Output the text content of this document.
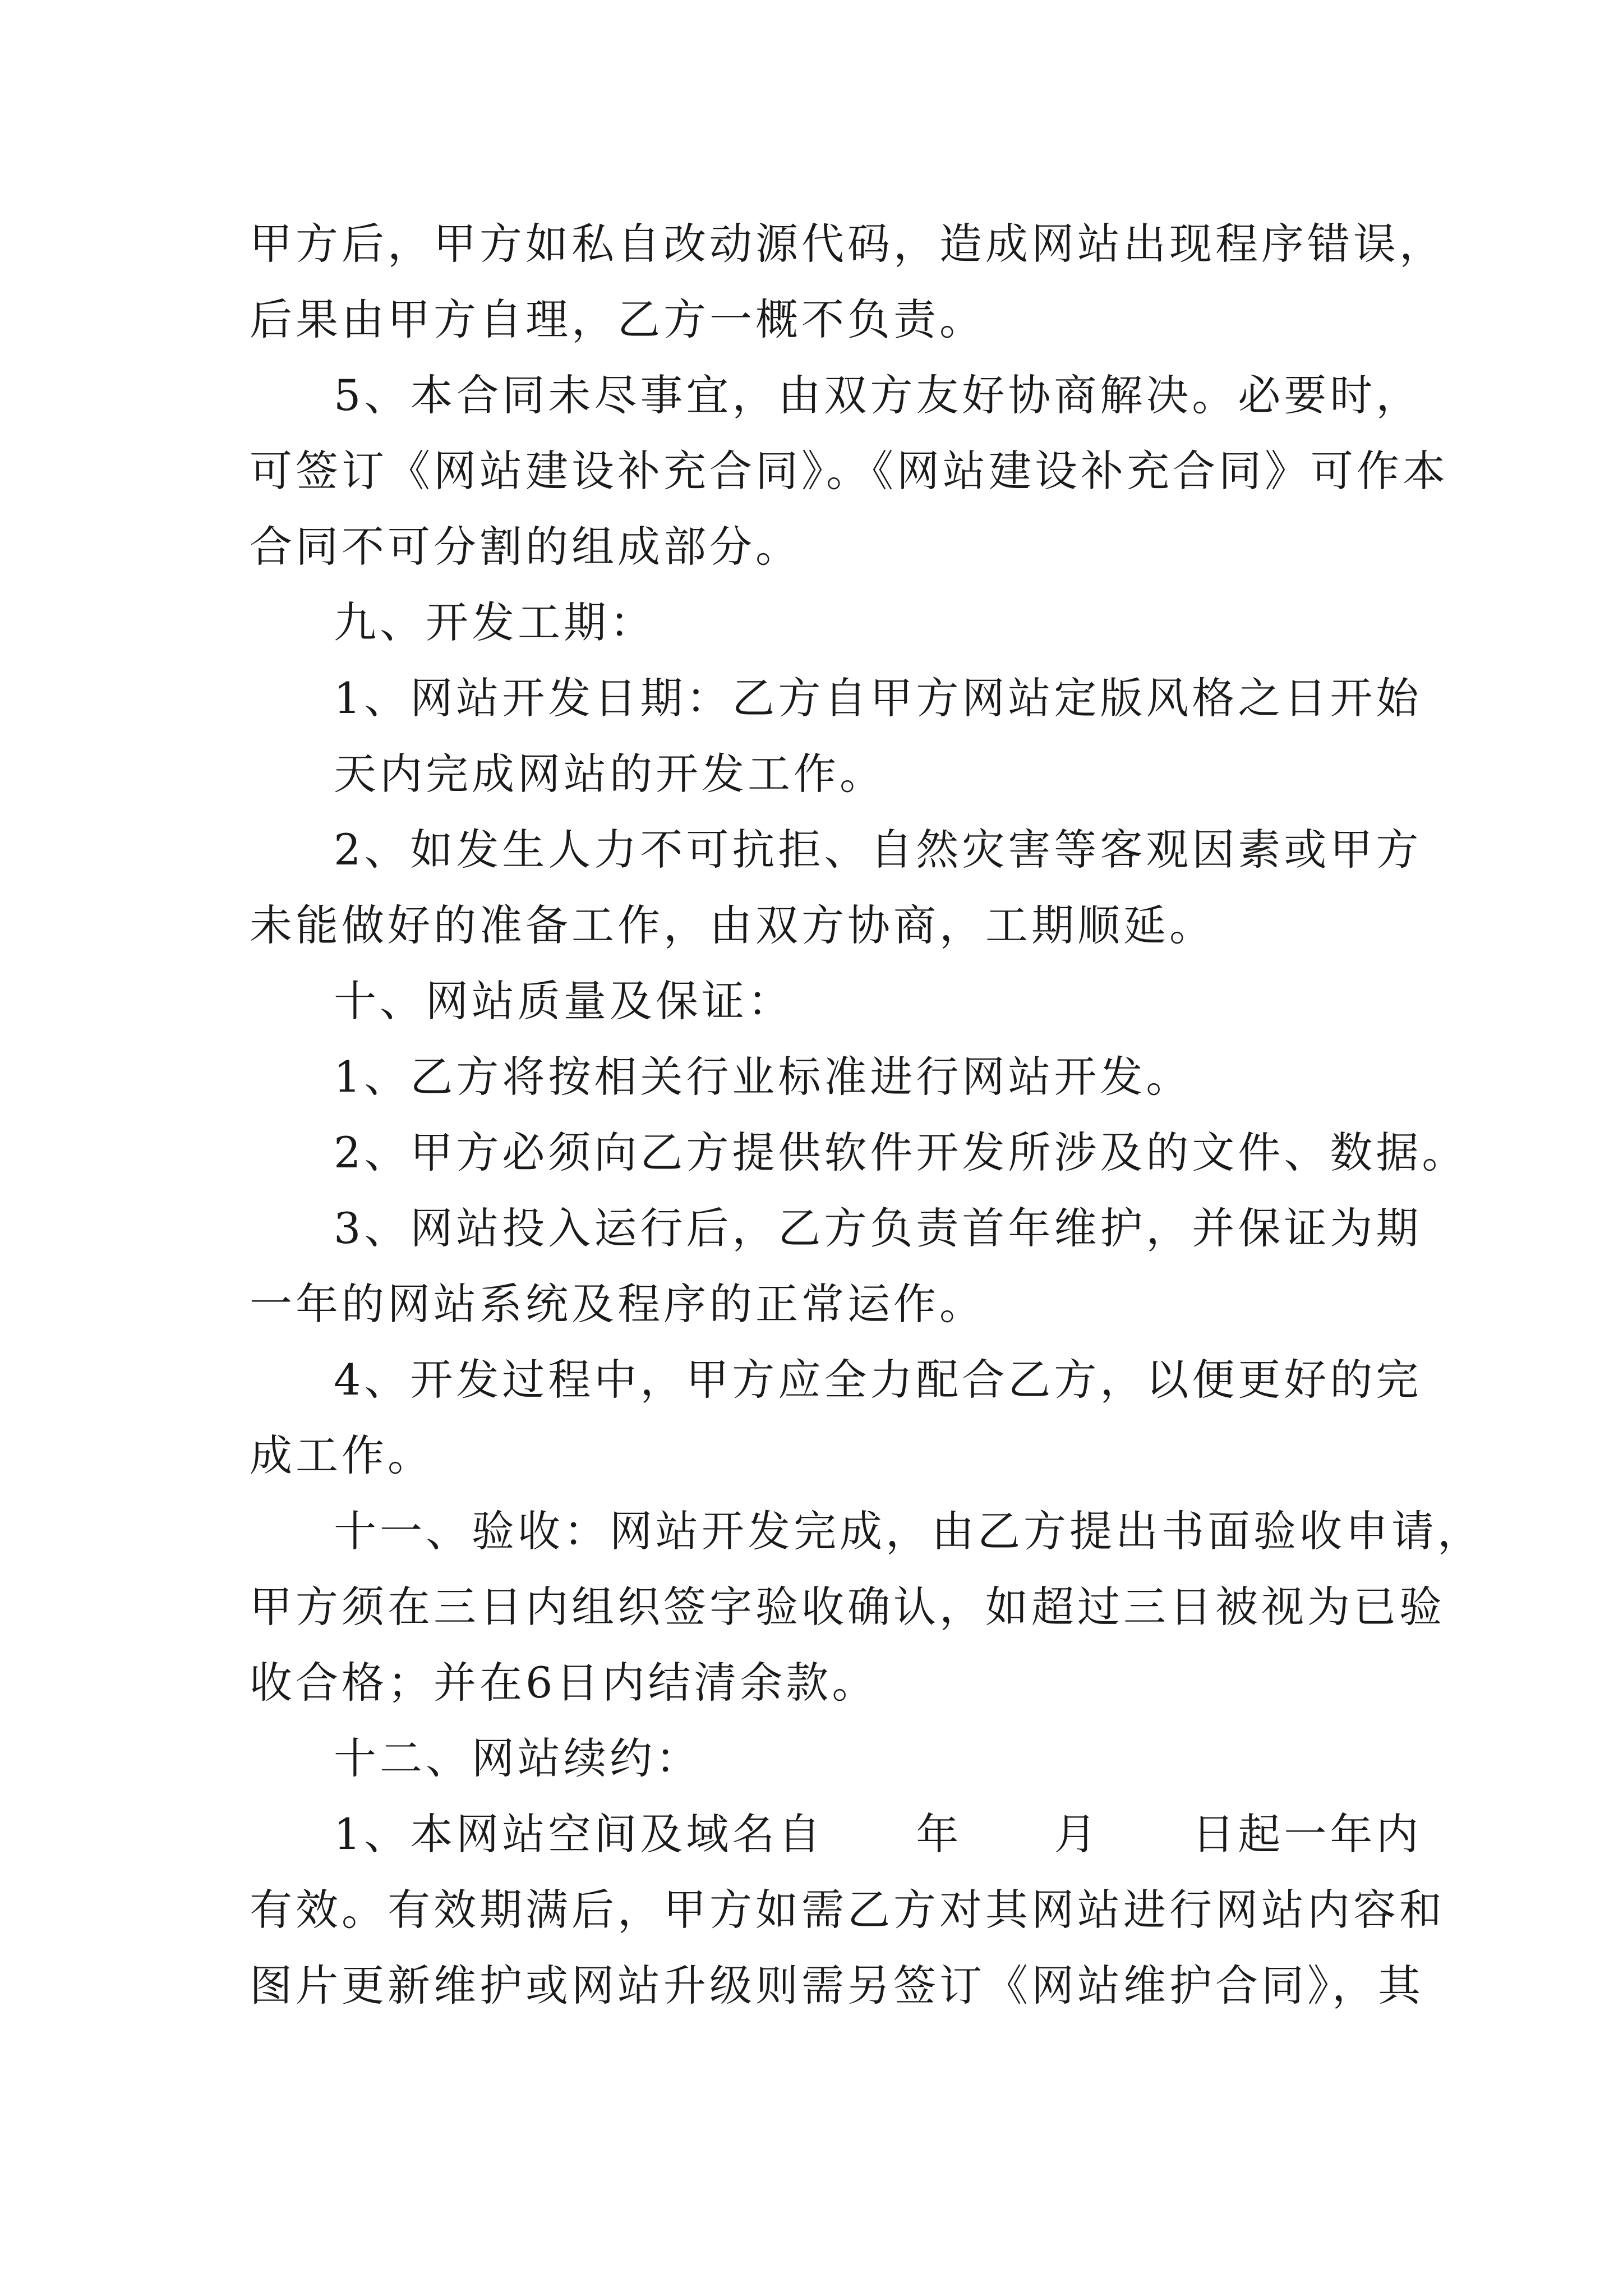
甲方后，甲方如私自改动源代码，造成网站出现程序错误，
后果由甲方自理，乙方一概不负责。
5、本合同未尽事宜，由双方友好协商解决。必要时，
可签订《网站建设补充合同》。《网站建设补充合同》可作本
合同不可分割的组成部分。
九、开发工期：
1、网站开发日期：乙方自甲方网站定版风格之日开始
天内完成网站的开发工作。
2、如发生人力不可抗拒、自然灾害等客观因素或甲方
未能做好的准备工作，由双方协商，工期顺延。
十、网站质量及保证：
1、乙方将按相关行业标准进行网站开发。
2、甲方必须向乙方提供软件开发所涉及的文件、数据。
3、网站投入运行后，乙方负责首年维护，并保证为期
一年的网站系统及程序的正常运作。
4、开发过程中，甲方应全力配合乙方，以便更好的完
成工作。
十一、验收：网站开发完成，由乙方提出书面验收申请，
甲方须在三日内组织签字验收确认，如超过三日被视为已验
收合格；并在6日内结清余款。
十二、网站续约：
1、本网站空间及域名自　　年　　月　　日起一年内
有效。有效期满后，甲方如需乙方对其网站进行网站内容和
图片更新维护或网站升级则需另签订《网站维护合同》，其
